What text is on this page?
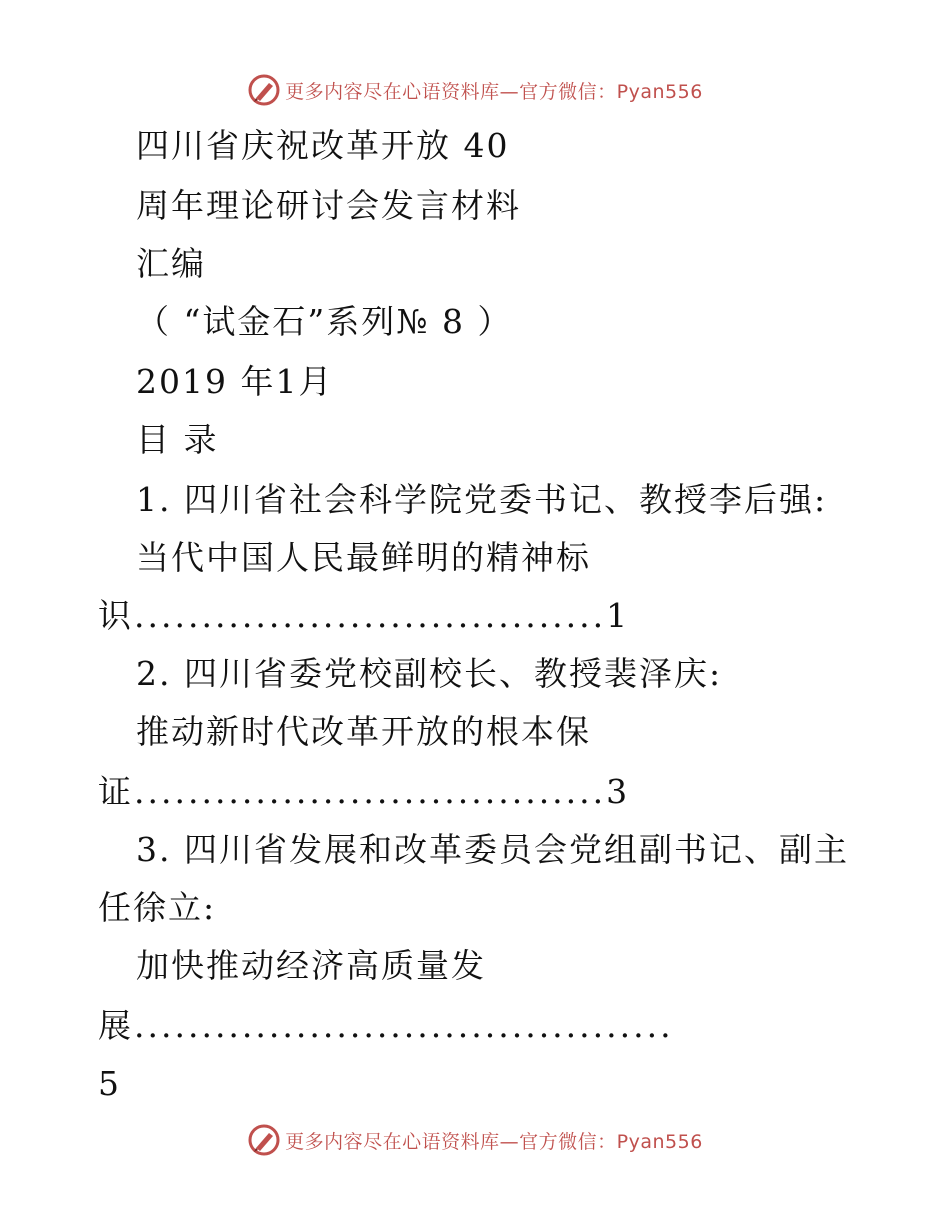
更多内容尽在心语资料库—官方微信：Pyan556
四川省庆祝改革开放 40
周年理论研讨会发言材料
汇编
（ “试金石”系列№ 8 ）
2019 年1月
目 录
1. 四川省社会科学院党委书记、教授李后强:
当代中国人民最鲜明的精神标
识...................................1
2. 四川省委党校副校长、教授裴泽庆:
推动新时代改革开放的根本保
证...................................3
3. 四川省发展和改革委员会党组副书记、副主
任徐立:
加快推动经济高质量发
展........................................
5
更多内容尽在心语资料库—官方微信：Pyan556
